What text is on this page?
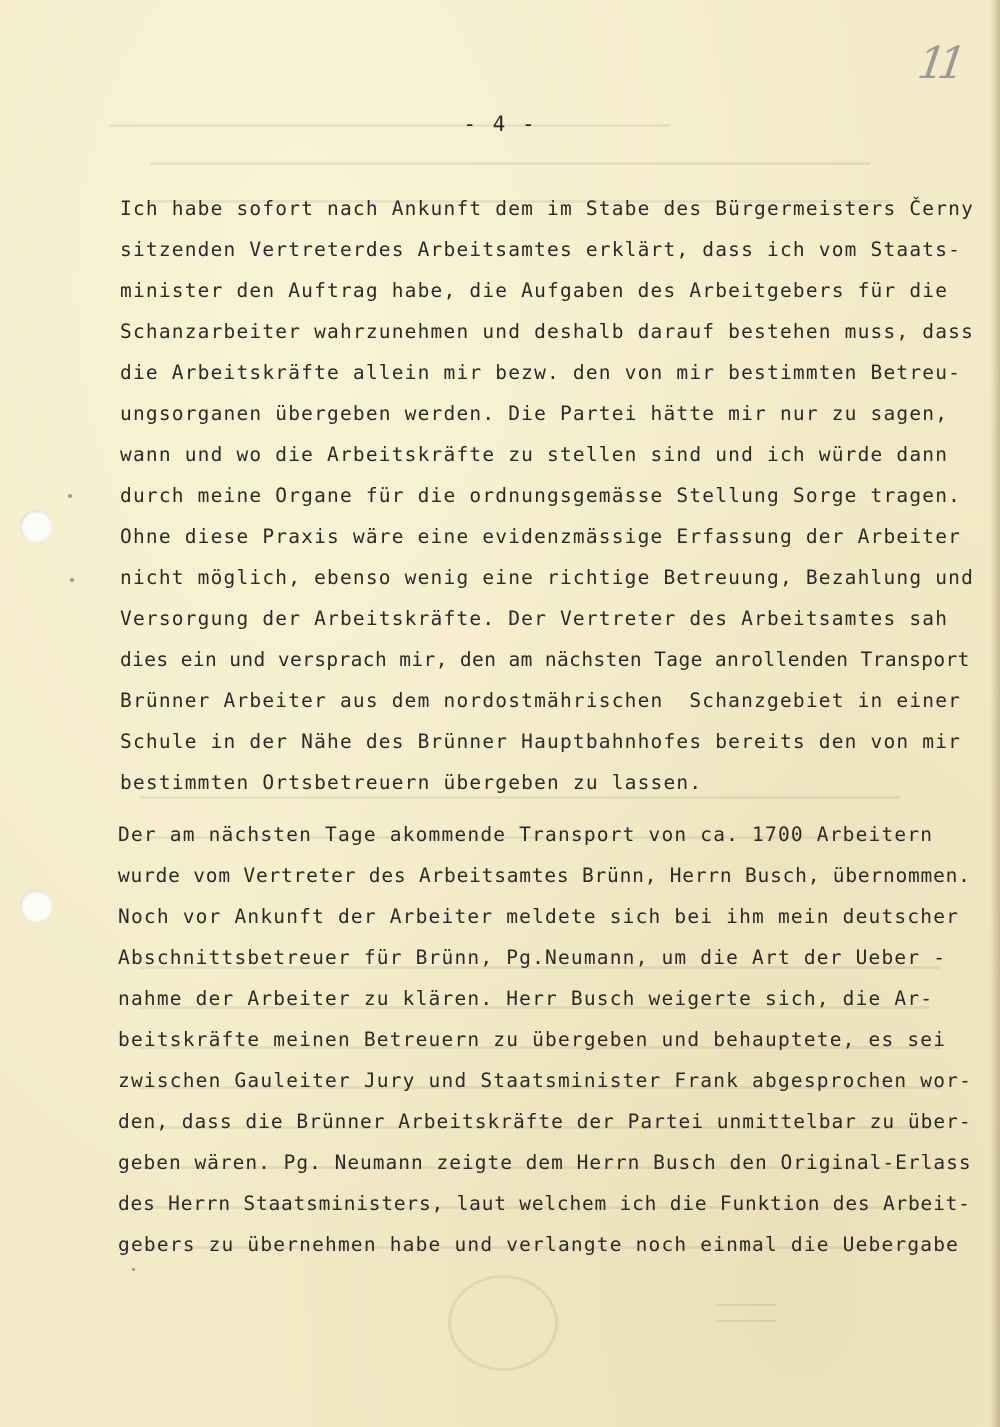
11
- 4 -
Ich habe sofort nach Ankunft dem im Stabe des Bürgermeisters Černy
sitzenden Vertreterdes Arbeitsamtes erklärt, dass ich vom Staats-
minister den Auftrag habe, die Aufgaben des Arbeitgebers für die
Schanzarbeiter wahrzunehmen und deshalb darauf bestehen muss, dass
die Arbeitskräfte allein mir bezw. den von mir bestimmten Betreu-
ungsorganen übergeben werden. Die Partei hätte mir nur zu sagen,
wann und wo die Arbeitskräfte zu stellen sind und ich würde dann
durch meine Organe für die ordnungsgemässe Stellung Sorge tragen.
Ohne diese Praxis wäre eine evidenzmässige Erfassung der Arbeiter
nicht möglich, ebenso wenig eine richtige Betreuung, Bezahlung und
Versorgung der Arbeitskräfte. Der Vertreter des Arbeitsamtes sah
dies ein und versprach mir, den am nächsten Tage anrollenden Transport
Brünner Arbeiter aus dem nordostmährischen  Schanzgebiet in einer
Schule in der Nähe des Brünner Hauptbahnhofes bereits den von mir
bestimmten Ortsbetreuern übergeben zu lassen.
Der am nächsten Tage akommende Transport von ca. 1700 Arbeitern
wurde vom Vertreter des Arbeitsamtes Brünn, Herrn Busch, übernommen.
Noch vor Ankunft der Arbeiter meldete sich bei ihm mein deutscher
Abschnittsbetreuer für Brünn, Pg.Neumann, um die Art der Ueber -
nahme der Arbeiter zu klären. Herr Busch weigerte sich, die Ar-
beitskräfte meinen Betreuern zu übergeben und behauptete, es sei
zwischen Gauleiter Jury und Staatsminister Frank abgesprochen wor-
den, dass die Brünner Arbeitskräfte der Partei unmittelbar zu über-
geben wären. Pg. Neumann zeigte dem Herrn Busch den Original-Erlass
des Herrn Staatsministers, laut welchem ich die Funktion des Arbeit-
gebers zu übernehmen habe und verlangte noch einmal die Uebergabe
